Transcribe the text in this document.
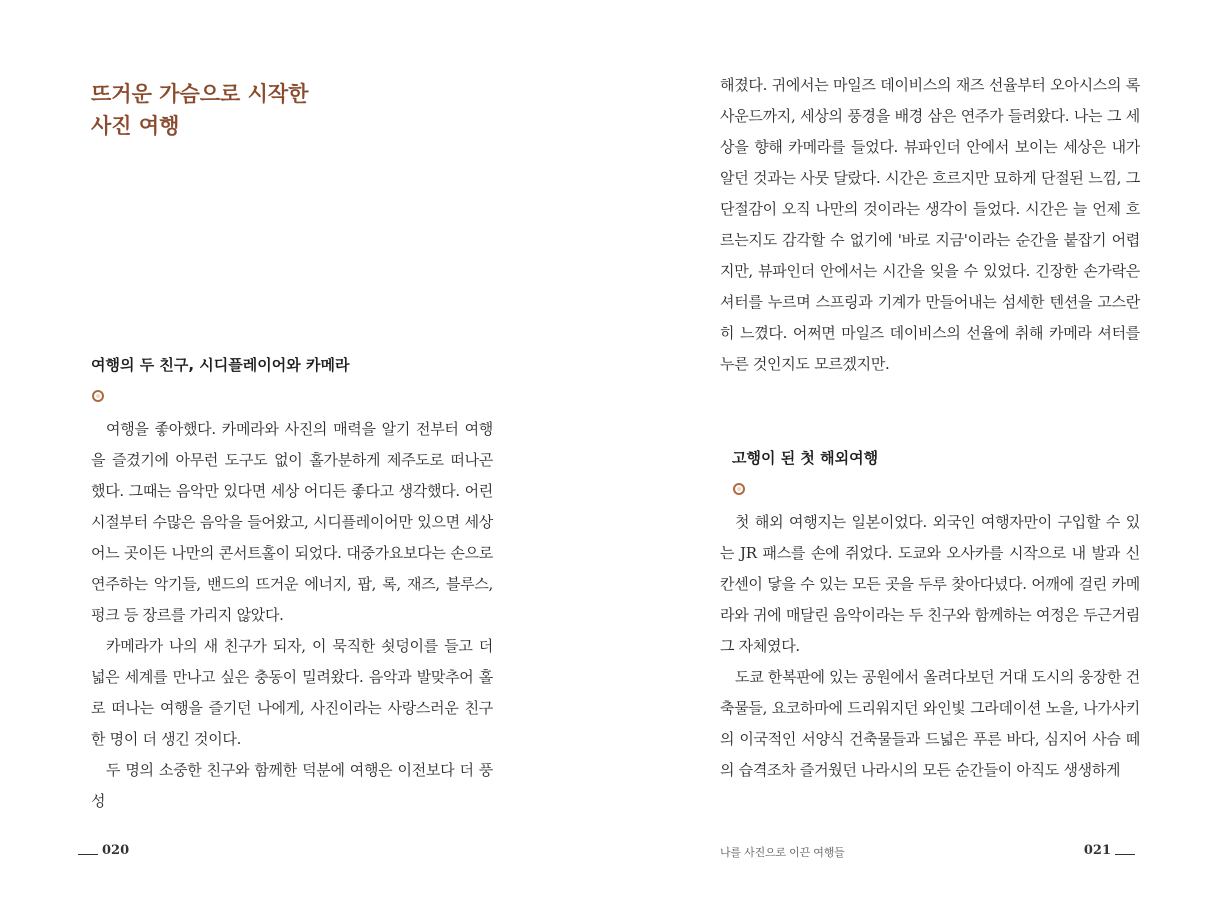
뜨거운 가슴으로 시작한
사진 여행
여행의 두 친구, 시디플레이어와 카메라

여행을 좋아했다. 카메라와 사진의 매력을 알기 전부터 여행을 즐겼기에 아무런 도구도 없이 홀가분하게 제주도로 떠나곤 했다. 그때는 음악만 있다면 세상 어디든 좋다고 생각했다. 어린 시절부터 수많은 음악을 들어왔고, 시디플레이어만 있으면 세상 어느 곳이든 나만의 콘서트홀이 되었다. 대중가요보다는 손으로 연주하는 악기들, 밴드의 뜨거운 에너지, 팝, 록, 재즈, 블루스, 펑크 등 장르를 가리지 않았다.

카메라가 나의 새 친구가 되자, 이 묵직한 쇳덩이를 들고 더 넓은 세계를 만나고 싶은 충동이 밀려왔다. 음악과 발맞추어 홀로 떠나는 여행을 즐기던 나에게, 사진이라는 사랑스러운 친구 한 명이 더 생긴 것이다.

두 명의 소중한 친구와 함께한 덕분에 여행은 이전보다 더 풍성

020

해졌다. 귀에서는 마일즈 데이비스의 재즈 선율부터 오아시스의 록 사운드까지, 세상의 풍경을 배경 삼은 연주가 들려왔다. 나는 그 세상을 향해 카메라를 들었다. 뷰파인더 안에서 보이는 세상은 내가 알던 것과는 사뭇 달랐다. 시간은 흐르지만 묘하게 단절된 느낌, 그 단절감이 오직 나만의 것이라는 생각이 들었다. 시간은 늘 언제 흐르는지도 감각할 수 없기에 '바로 지금'이라는 순간을 붙잡기 어렵지만, 뷰파인더 안에서는 시간을 잊을 수 있었다. 긴장한 손가락은 셔터를 누르며 스프링과 기계가 만들어내는 섬세한 텐션을 고스란히 느꼈다. 어쩌면 마일즈 데이비스의 선율에 취해 카메라 셔터를 누른 것인지도 모르겠지만.

고행이 된 첫 해외여행

첫 해외 여행지는 일본이었다. 외국인 여행자만이 구입할 수 있는 JR 패스를 손에 쥐었다. 도쿄와 오사카를 시작으로 내 발과 신칸센이 닿을 수 있는 모든 곳을 두루 찾아다녔다. 어깨에 걸린 카메라와 귀에 매달린 음악이라는 두 친구와 함께하는 여정은 두근거림 그 자체였다.

도쿄 한복판에 있는 공원에서 올려다보던 거대 도시의 웅장한 건축물들, 요코하마에 드리워지던 와인빛 그라데이션 노을, 나가사키의 이국적인 서양식 건축물들과 드넓은 푸른 바다, 심지어 사슴 떼의 습격조차 즐거웠던 나라시의 모든 순간들이 아직도 생생하게

나를 사진으로 이끈 여행들	021
